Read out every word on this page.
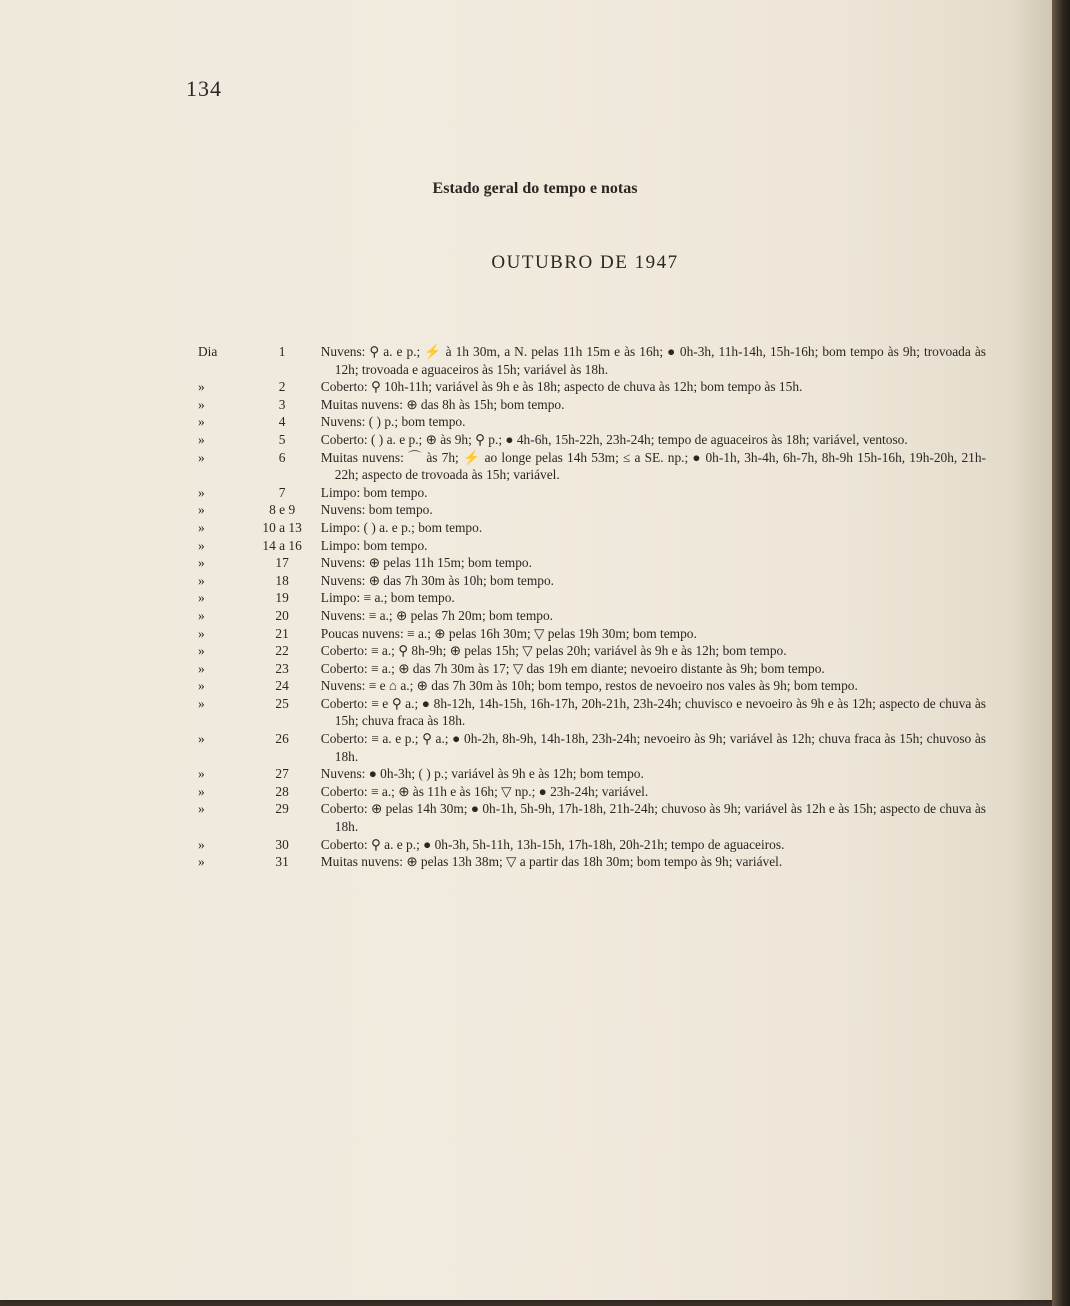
134
Estado geral do tempo e notas
OUTUBRO DE 1947
Dia	1	Nuvens: ⚲ a. e p.; ⚡ à 1h 30m, a N. pelas 11h 15m e às 16h; ● 0h-3h, 11h-14h, 15h-16h; bom tempo às 9h; trovoada às 12h; trovoada e aguaceiros às 15h; variável às 18h.
»	2	Coberto: ⚲ 10h-11h; variável às 9h e às 18h; aspecto de chuva às 12h; bom tempo às 15h.
»	3	Muitas nuvens: ⊕ das 8h às 15h; bom tempo.
»	4	Nuvens: ( ) p.; bom tempo.
»	5	Coberto: ( ) a. e p.; ⊕ às 9h; ⚲ p.; ● 4h-6h, 15h-22h, 23h-24h; tempo de aguaceiros às 18h; variável, ventoso.
»	6	Muitas nuvens: ⌒ às 7h; ⚡ ao longe pelas 14h 53m; ≤ a SE. np.; ● 0h-1h, 3h-4h, 6h-7h, 8h-9h 15h-16h, 19h-20h, 21h-22h; aspecto de trovoada às 15h; variável.
»	7	Limpo: bom tempo.
»	8 e 9	Nuvens: bom tempo.
»	10 a 13	Limpo: ( ) a. e p.; bom tempo.
»	14 a 16	Limpo: bom tempo.
»	17	Nuvens: ⊕ pelas 11h 15m; bom tempo.
»	18	Nuvens: ⊕ das 7h 30m às 10h; bom tempo.
»	19	Limpo: ≡ a.; bom tempo.
»	20	Nuvens: ≡ a.; ⊕ pelas 7h 20m; bom tempo.
»	21	Poucas nuvens: ≡ a.; ⊕ pelas 16h 30m; ▽ pelas 19h 30m; bom tempo.
»	22	Coberto: ≡ a.; ⚲ 8h-9h; ⊕ pelas 15h; ▽ pelas 20h; variável às 9h e às 12h; bom tempo.
»	23	Coberto: ≡ a.; ⊕ das 7h 30m às 17; ▽ das 19h em diante; nevoeiro distante às 9h; bom tempo.
»	24	Nuvens: ≡ e ⌂ a.; ⊕ das 7h 30m às 10h; bom tempo, restos de nevoeiro nos vales às 9h; bom tempo.
»	25	Coberto: ≡ e ⚲ a.; ● 8h-12h, 14h-15h, 16h-17h, 20h-21h, 23h-24h; chuvisco e nevoeiro às 9h e às 12h; aspecto de chuva às 15h; chuva fraca às 18h.
»	26	Coberto: ≡ a. e p.; ⚲ a.; ● 0h-2h, 8h-9h, 14h-18h, 23h-24h; nevoeiro às 9h; variável às 12h; chuva fraca às 15h; chuvoso às 18h.
»	27	Nuvens: ● 0h-3h; ( ) p.; variável às 9h e às 12h; bom tempo.
»	28	Coberto: ≡ a.; ⊕ às 11h e às 16h; ▽ np.; ● 23h-24h; variável.
»	29	Coberto: ⊕ pelas 14h 30m; ● 0h-1h, 5h-9h, 17h-18h, 21h-24h; chuvoso às 9h; variável às 12h e às 15h; aspecto de chuva às 18h.
»	30	Coberto: ⚲ a. e p.; ● 0h-3h, 5h-11h, 13h-15h, 17h-18h, 20h-21h; tempo de aguaceiros.
»	31	Muitas nuvens: ⊕ pelas 13h 38m; ▽ a partir das 18h 30m; bom tempo às 9h; variável.
